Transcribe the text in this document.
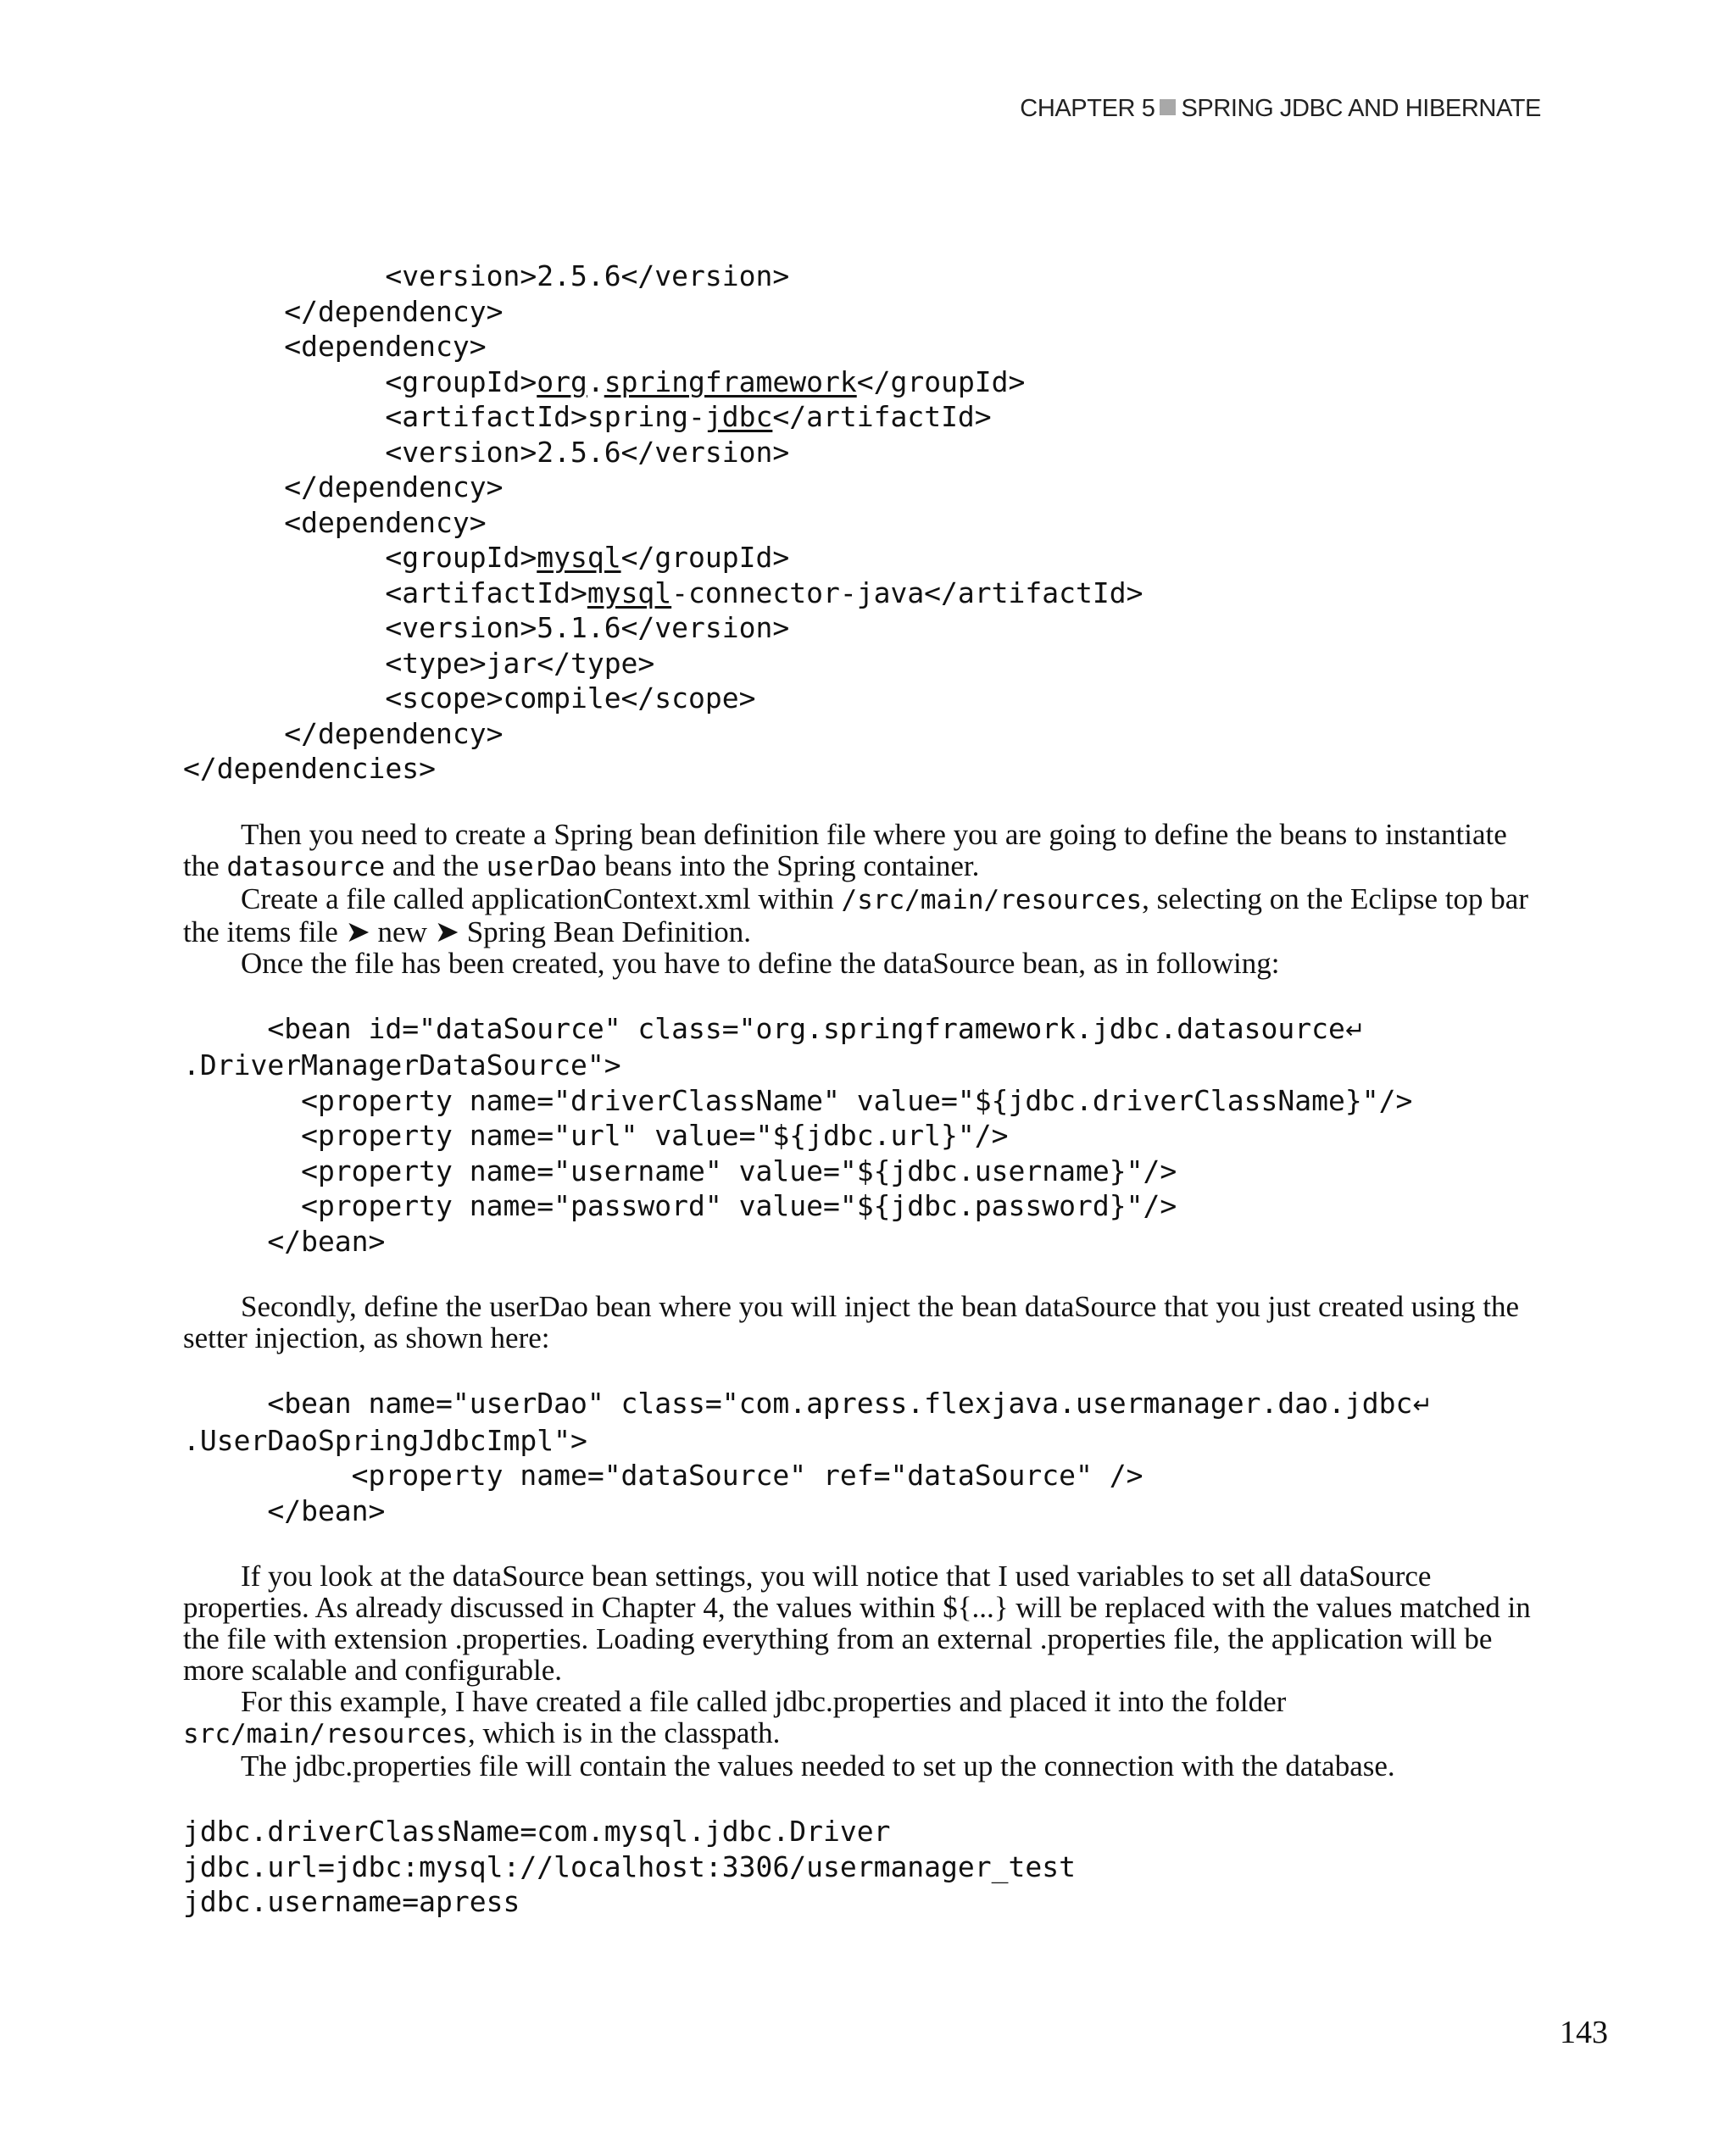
CHAPTER 5 SPRING JDBC AND HIBERNATE
<version>2.5.6</version>
</dependency>
<dependency>
<groupId>org.springframework</groupId>
<artifactId>spring-jdbc</artifactId>
<version>2.5.6</version>
</dependency>
<dependency>
<groupId>mysql</groupId>
<artifactId>mysql-connector-java</artifactId>
<version>5.1.6</version>
<type>jar</type>
<scope>compile</scope>
</dependency>
</dependencies>

Then you need to create a Spring bean definition file where you are going to define the beans to instantiate the datasource and the userDao beans into the Spring container.

Create a file called applicationContext.xml within /src/main/resources, selecting on the Eclipse top bar the items file ➤ new ➤ Spring Bean Definition.

Once the file has been created, you have to define the dataSource bean, as in following:

<bean id="dataSource" class="org.springframework.jdbc.datasource↵
.DriverManagerDataSource">
<property name="driverClassName" value="${jdbc.driverClassName}"/>
<property name="url" value="${jdbc.url}"/>
<property name="username" value="${jdbc.username}"/>
<property name="password" value="${jdbc.password}"/>
</bean>

Secondly, define the userDao bean where you will inject the bean dataSource that you just created using the setter injection, as shown here:

<bean name="userDao" class="com.apress.flexjava.usermanager.dao.jdbc↵
.UserDaoSpringJdbcImpl">
<property name="dataSource" ref="dataSource" />
</bean>

If you look at the dataSource bean settings, you will notice that I used variables to set all dataSource properties. As already discussed in Chapter 4, the values within ${...} will be replaced with the values matched in the file with extension .properties. Loading everything from an external .properties file, the application will be more scalable and configurable.

For this example, I have created a file called jdbc.properties and placed it into the folder src/main/resources, which is in the classpath.

The jdbc.properties file will contain the values needed to set up the connection with the database.

jdbc.driverClassName=com.mysql.jdbc.Driver
jdbc.url=jdbc:mysql://localhost:3306/usermanager_test
jdbc.username=apress
143
